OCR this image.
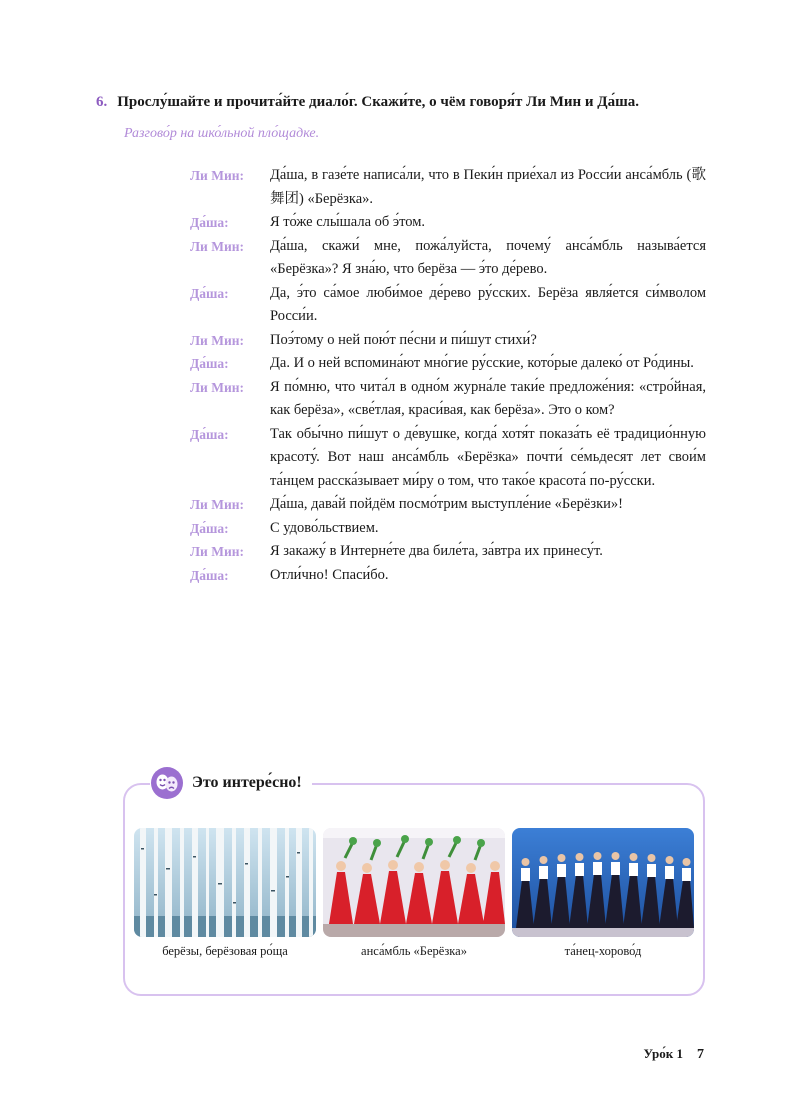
6. Прослу́шайте и прочита́йте диало́г. Скажи́те, о чём говоря́т Ли Мин и Да́ша.
Разгово́р на шко́льной пло́щадке.
Ли Мин:	Да́ша, в газе́те написа́ли, что в Пеки́н прие́хал из Росси́и анса́мбль (歌舞团) «Берёзка».
Да́ша:	Я то́же слы́шала об э́том.
Ли Мин:	Да́ша, скажи́ мне, пожа́луйста, почему́ анса́мбль называ́ется «Берёзка»? Я зна́ю, что берёза — э́то де́рево.
Да́ша:	Да, э́то са́мое люби́мое де́рево ру́сских. Берёза явля́ется си́мволом Росси́и.
Ли Мин:	Поэ́тому о ней пою́т пе́сни и пи́шут стихи́?
Да́ша:	Да. И о ней вспомина́ют мно́гие ру́сские, кото́рые далеко́ от Ро́дины.
Ли Мин:	Я по́мню, что чита́л в одно́м журна́ле таки́е предложе́ния: «стро́йная, как берёза», «све́тлая, краси́вая, как берёза». Это о ком?
Да́ша:	Так обы́чно пи́шут о де́вушке, когда́ хотя́т показа́ть её традицио́нную красоту́. Вот наш анса́мбль «Берёзка» почти́ се́мьдесят лет свои́м та́нцем расска́зывает ми́ру о том, что тако́е красота́ по-ру́сски.
Ли Мин:	Да́ша, дава́й пойдём посмо́трим выступле́ние «Берёзки»!
Да́ша:	С удово́льствием.
Ли Мин:	Я закажу́ в Интерне́те два биле́та, за́втра их принесу́т.
Да́ша:	Отли́чно! Спаси́бо.
Это интере́сно!
берёзы, берёзовая ро́ща	анса́мбль «Берёзка»	та́нец-хорово́д
Уро́к 1 7
